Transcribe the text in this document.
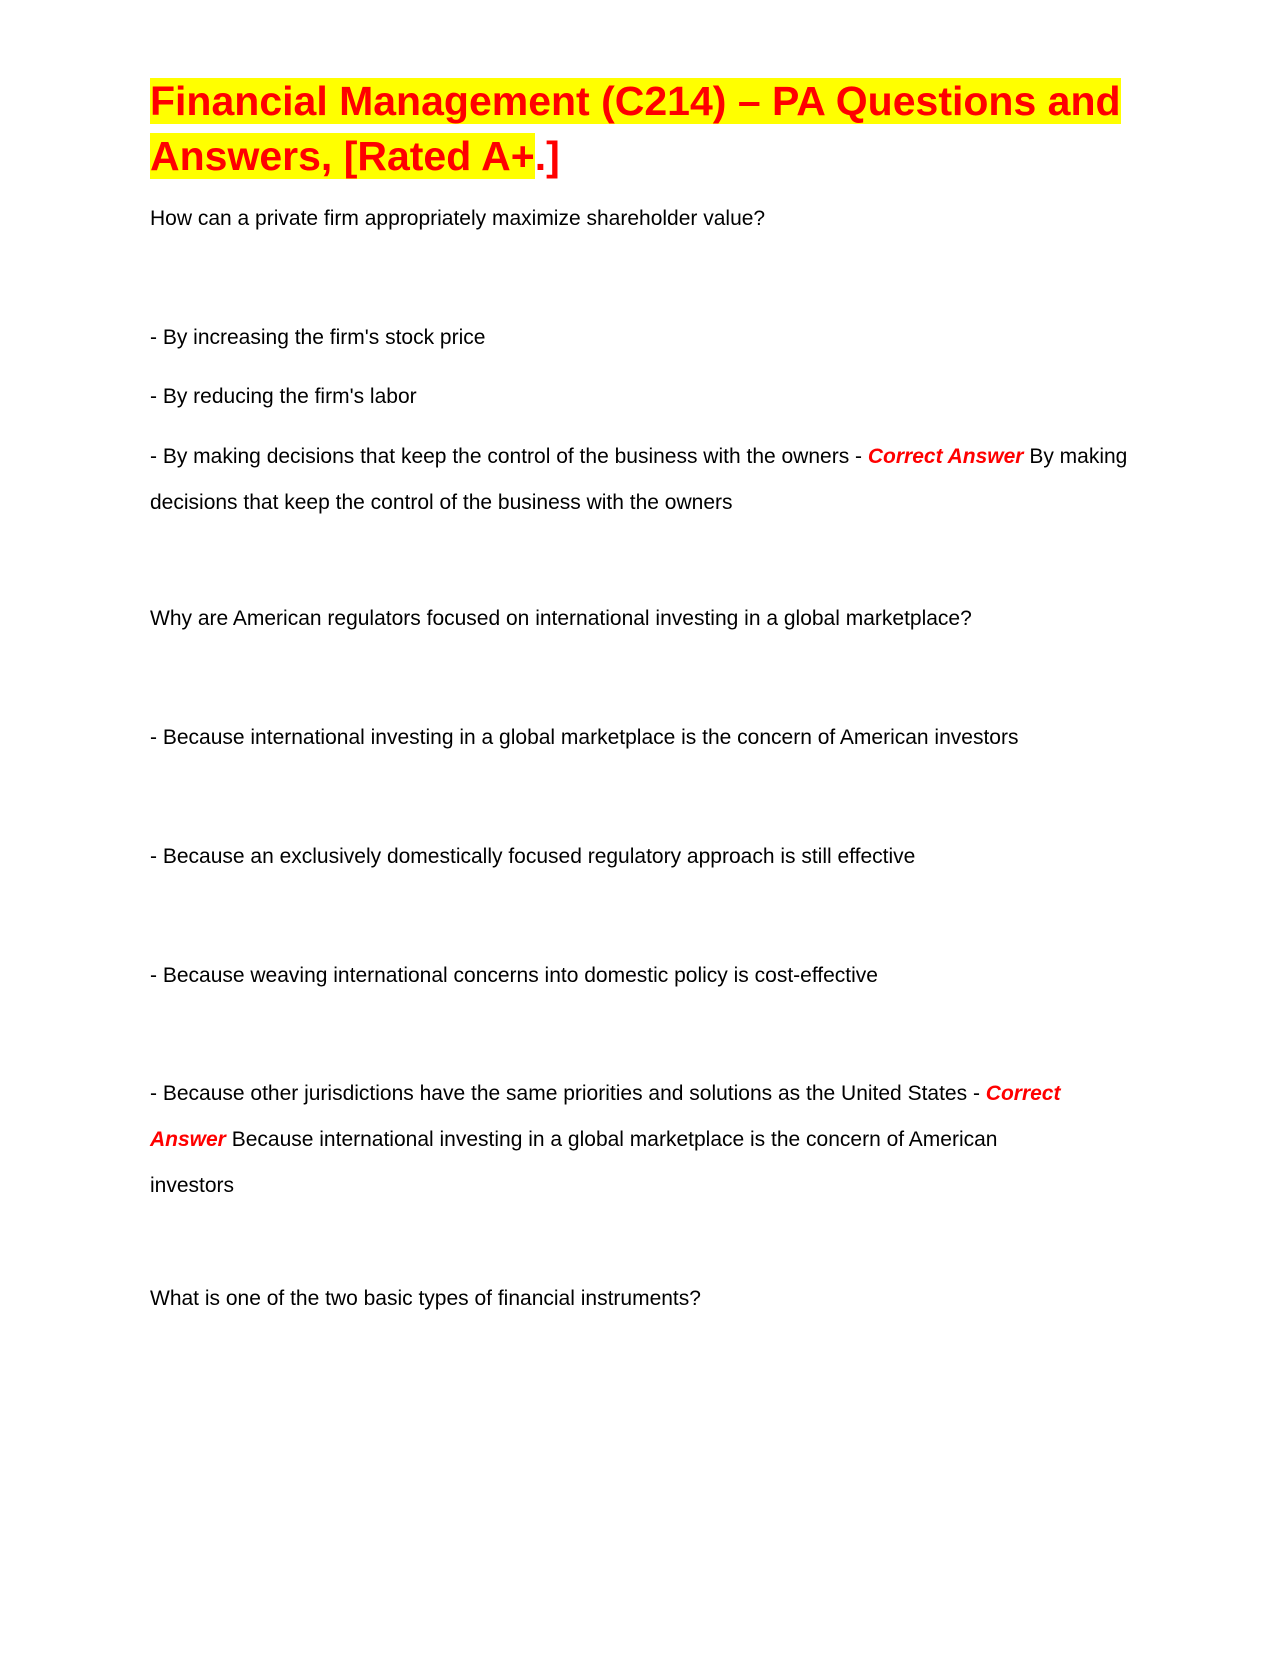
Financial Management (C214) – PA Questions and Answers, [Rated A+.]

How can a private firm appropriately maximize shareholder value?

- By increasing the firm's stock price

- By reducing the firm's labor

- By making decisions that keep the control of the business with the owners - Correct Answer By making decisions that keep the control of the business with the owners

Why are American regulators focused on international investing in a global marketplace?

- Because international investing in a global marketplace is the concern of American investors

- Because an exclusively domestically focused regulatory approach is still effective

- Because weaving international concerns into domestic policy is cost-effective

- Because other jurisdictions have the same priorities and solutions as the United States - Correct Answer Because international investing in a global marketplace is the concern of American investors

What is one of the two basic types of financial instruments?
